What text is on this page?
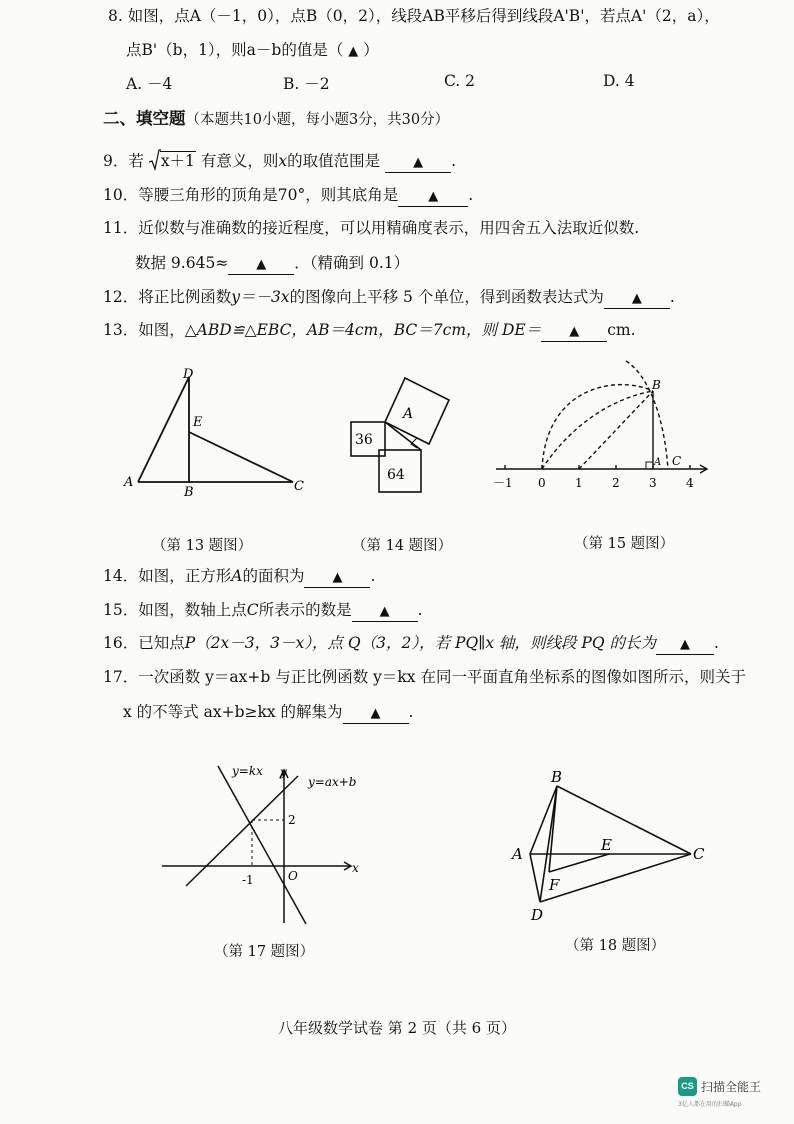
8. 如图，点A（－1，0），点B（0，2），线段AB平移后得到线段A'B'，若点A'（2，a），
点B'（b，1），则a－b的值是（ ▲ ）
A. －4	B. －2	C. 2	D. 4
二、填空题（本题共10小题，每小题3分，共30分）
9．若 x＋1 有意义，则x的取值范围是	▲ .
10．等腰三角形的顶角是70°，则其底角是 ▲ .
11．近似数与准确数的接近程度，可以用精确度表示，用四舍五入法取近似数.
数据 9.645≈ ▲ ．（精确到 0.1）
12．将正比例函数y＝－3x的图像向上平移 5 个单位，得到函数表达式为 ▲ .
13．如图，△ABD≌△EBC，AB＝4cm，BC＝7cm，则 DE＝ ▲ cm.
D
E
A
B	C
（第 13 题图）
A
36
64
（第 14 题图）
－1 0 1 2 3 4
B
A C
（第 15 题图）
14．如图，正方形A的面积为 ▲ .
15．如图，数轴上点C所表示的数是 ▲ .
16．已知点P（2x－3，3－x），点 Q（3，2），若 PQ∥x 轴，则线段 PQ 的长为 ▲ .
17．一次函数 y＝ax+b 与正比例函数 y＝kx 在同一平面直角坐标系的图像如图所示，则关于
x 的不等式 ax+b≥kx 的解集为 ▲ .
y=kx y
y=ax+b
2
x
-1	O
（第 17 题图）
B
A	E	C
F
D
（第 18 题图）
八年级数学试卷 第 2 页（共 6 页）
CS 扫描全能王
3亿人都在用的扫描App
